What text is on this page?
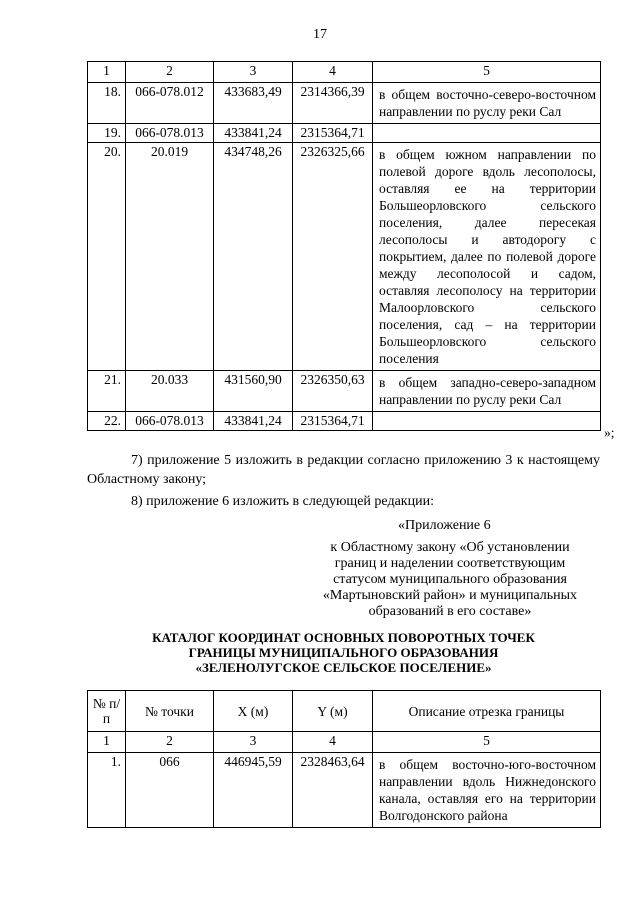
17
1	2	3	4	5
18.	066-078.012	433683,49	2314366,39	в общем восточно-северо-восточном направлении по руслу реки Сал
19.	066-078.013	433841,24	2315364,71	
20.	20.019	434748,26	2326325,66	в общем южном направлении по полевой дороге вдоль лесополосы, оставляя ее на территории Большеорловского сельского поселения, далее пересекая лесополосы и автодорогу с покрытием, далее по полевой дороге между лесополосой и садом, оставляя лесополосу на территории Малоорловского сельского поселения, сад – на территории Большеорловского сельского поселения
21.	20.033	431560,90	2326350,63	в общем западно-северо-западном направлении по руслу реки Сал
22.	066-078.013	433841,24	2315364,71	
»;
7) приложение 5 изложить в редакции согласно приложению 3 к настоящему Областному закону;
8) приложение 6 изложить в следующей редакции:
«Приложение 6
к Областному закону «Об установлении
границ и наделении соответствующим
статусом муниципального образования
«Мартыновский район» и муниципальных
образований в его составе»
КАТАЛОГ КООРДИНАТ ОСНОВНЫХ ПОВОРОТНЫХ ТОЧЕК
ГРАНИЦЫ МУНИЦИПАЛЬНОГО ОБРАЗОВАНИЯ
«ЗЕЛЕНОЛУГСКОЕ СЕЛЬСКОЕ ПОСЕЛЕНИЕ»
№ п/п	№ точки	X (м)	Y (м)	Описание отрезка границы
1	2	3	4	5
1.	066	446945,59	2328463,64	в общем восточно-юго-восточном направлении вдоль Нижнедонского канала, оставляя его на территории Волгодонского района
